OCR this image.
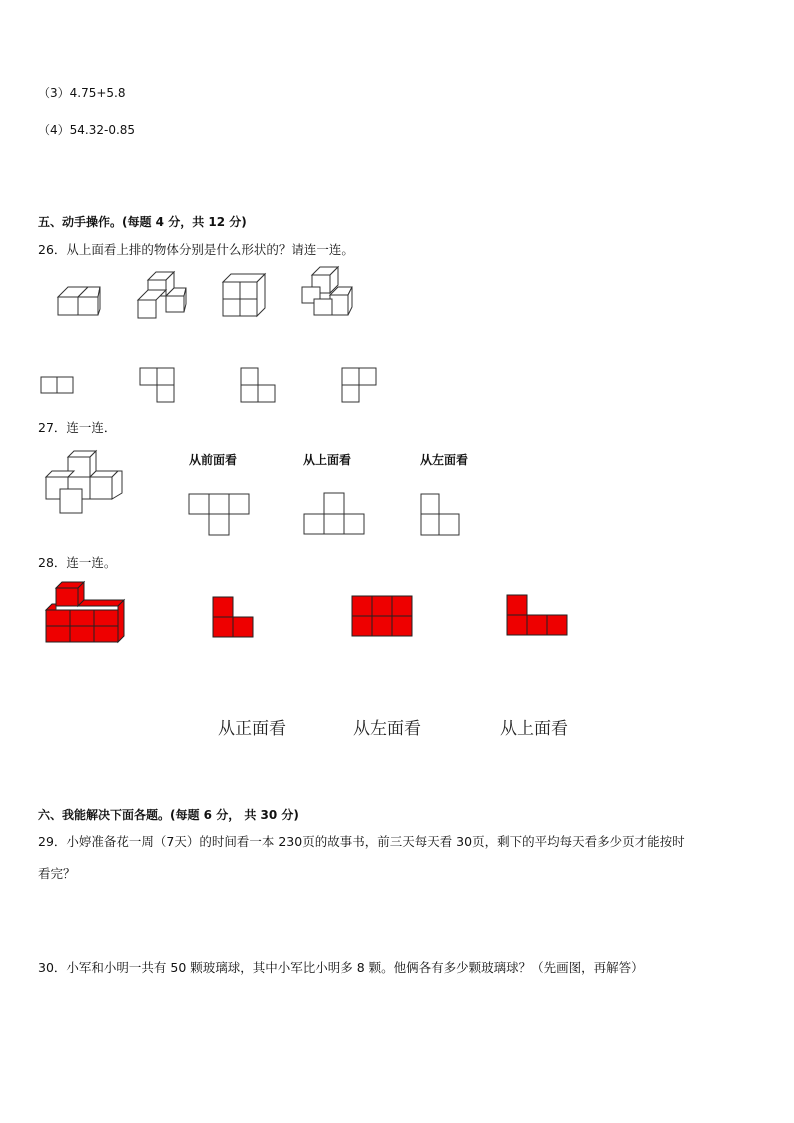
（3）4.75+5.8
（4）54.32-0.85
五、动手操作。(每题 4 分，共 12 分)
26．从上面看上排的物体分别是什么形状的？请连一连。
27．连一连．
从前面看	从上面看	从左面看
28．连一连。
从正面看	从左面看	从上面看
六、我能解决下面各题。(每题 6 分， 共 30 分)
29．小婷准备花一周（7天）的时间看一本 230页的故事书，前三天每天看 30页，剩下的平均每天看多少页才能按时
看完？
30．小军和小明一共有 50 颗玻璃球，其中小军比小明多 8 颗。他俩各有多少颗玻璃球？（先画图，再解答）
